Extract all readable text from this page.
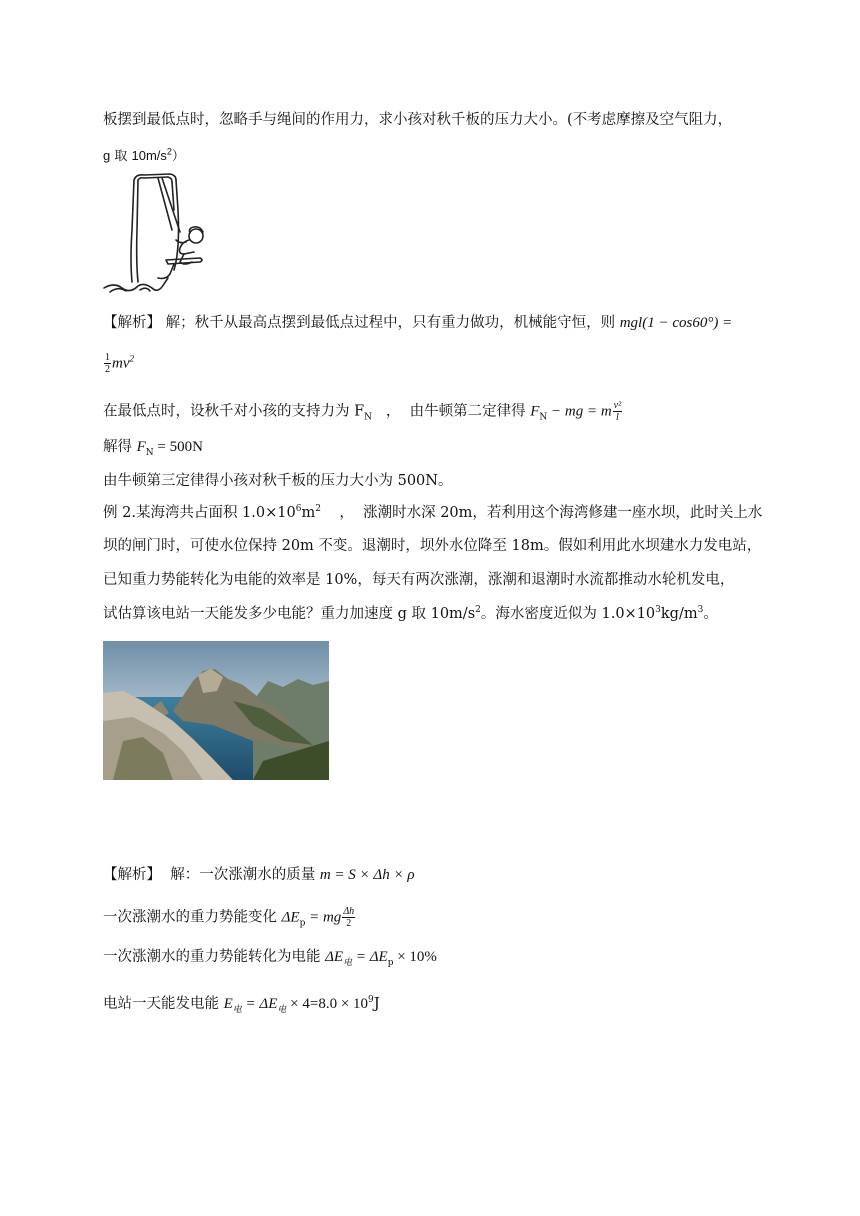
板摆到最低点时，忽略手与绳间的作用力，求小孩对秋千板的压力大小。(不考虑摩擦及空气阻力，
g 取 $10m/s^2$）
【解析】 解；秋千从最高点摆到最低点过程中，只有重力做功，机械能守恒，则 mgl(1 − cos60°) =
$\frac{1}{2} mv^2$
在最低点时，设秋千对小孩的支持力为 $F_N$   ，  由牛顿第二定律得 $F_N$ − mg = m $\frac{\text{v²}}{l}$
解得 $F_N = 500N$
由牛顿第三定律得小孩对秋千板的压力大小为 500N。
例 2.某海湾共占面积 $1.0\times 10^6m^2$    ，  涨潮时水深 20m，若利用这个海湾修建一座水坝，此时关上水
坝的闸门时，可使水位保持 20m 不变。退潮时，坝外水位降至 18m。假如利用此水坝建水力发电站，
已知重力势能转化为电能的效率是 10%，每天有两次涨潮，涨潮和退潮时水流都推动水轮机发电，
试估算该电站一天能发多少电能？重力加速度 g 取 $10m/s^2$。海水密度近似为 $1.0\times 10^3kg/m^3$。
【解析】  解：一次涨潮水的质量 m = S × Δh × ρ
一次涨潮水的重力势能变化 $\Delta E_p$ = mg $\frac{\Delta h}{2}$
一次涨潮水的重力势能转化为电能 $\Delta E_电 = \Delta E_p \times 10\%$
电站一天能发电能 $E_电 = \Delta E_电 \times 4=8.0 \times 10^9J$
